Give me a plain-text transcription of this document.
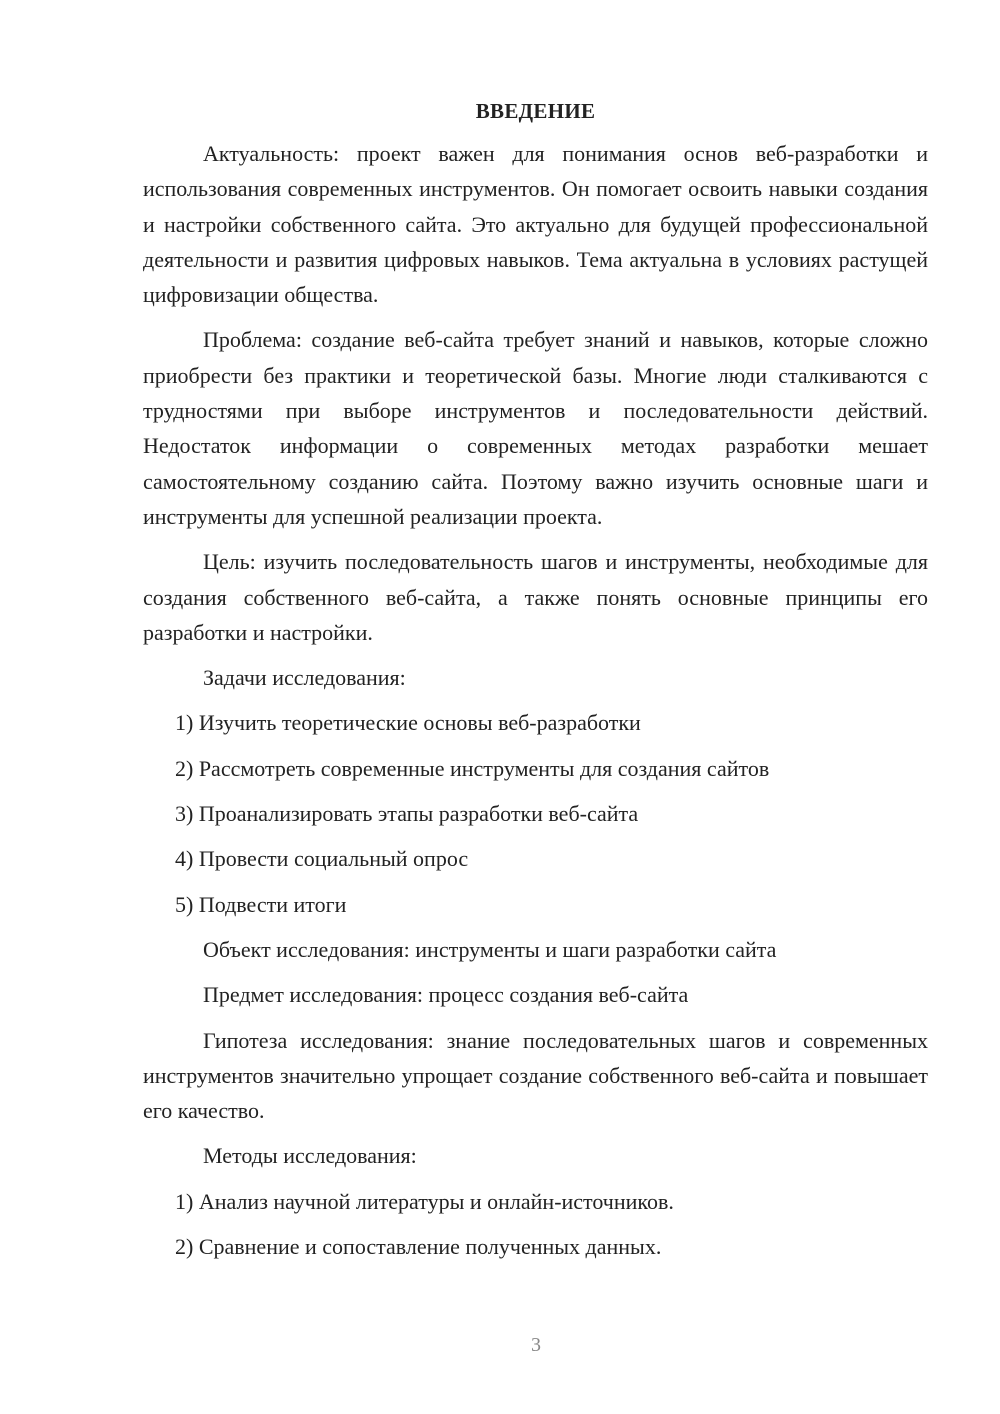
ВВЕДЕНИЕ

Актуальность: проект важен для понимания основ веб-разработки и использования современных инструментов. Он помогает освоить навыки создания и настройки собственного сайта. Это актуально для будущей профессиональной деятельности и развития цифровых навыков. Тема актуальна в условиях растущей цифровизации общества.

Проблема: создание веб-сайта требует знаний и навыков, которые сложно приобрести без практики и теоретической базы. Многие люди сталкиваются с трудностями при выборе инструментов и последовательности действий. Недостаток информации о современных методах разработки мешает самостоятельному созданию сайта. Поэтому важно изучить основные шаги и инструменты для успешной реализации проекта.

Цель: изучить последовательность шагов и инструменты, необходимые для создания собственного веб-сайта, а также понять основные принципы его разработки и настройки.

Задачи исследования:
1) Изучить теоретические основы веб-разработки
2) Рассмотреть современные инструменты для создания сайтов
3) Проанализировать этапы разработки веб-сайта
4) Провести социальный опрос
5) Подвести итоги
Объект исследования: инструменты и шаги разработки сайта
Предмет исследования: процесс создания веб-сайта

Гипотеза исследования: знание последовательных шагов и современных инструментов значительно упрощает создание собственного веб-сайта и повышает его качество.

Методы исследования:
1) Анализ научной литературы и онлайн-источников.
2) Сравнение и сопоставление полученных данных.
3
